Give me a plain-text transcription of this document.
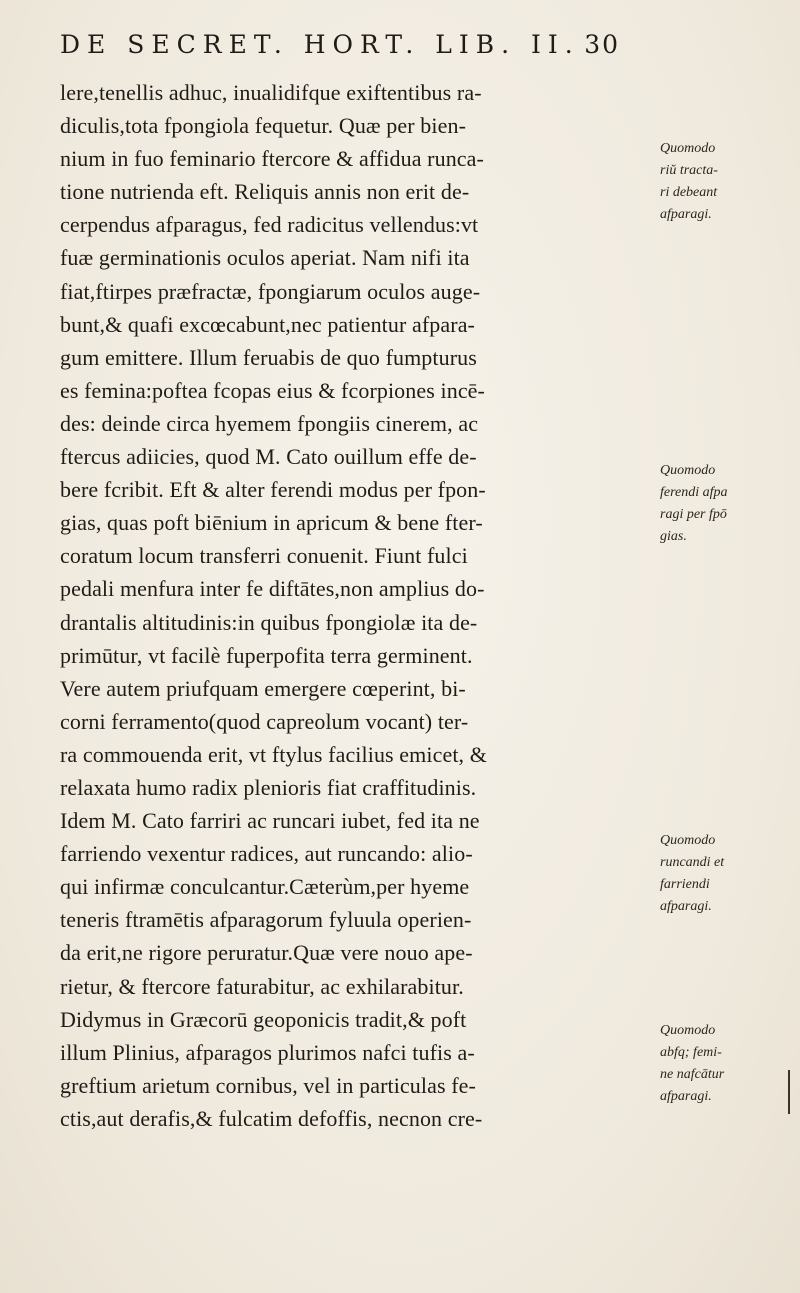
DE SECRET. HORT. LIB. II. 30
lere,tenellis adhuc, inualidifque exiftentibus ra-
diculis,tota fpongiola fequetur. Quæ per bien-
nium in fuo feminario ftercore & affidua runca-
tione nutrienda eft. Reliquis annis non erit de-
cerpendus afparagus, fed radicitus vellendus:vt
fuæ germinationis oculos aperiat. Nam nifi ita
fiat,ftirpes præfractæ, fpongiarum oculos auge-
bunt,& quafi excœcabunt,nec patientur afpara-
gum emittere. Illum feruabis de quo fumpturus
es femina:poftea fcopas eius & fcorpiones incē-
des: deinde circa hyemem fpongiis cinerem, ac
ftercus adiicies, quod M. Cato ouillum effe de-
bere fcribit. Eft & alter ferendi modus per fpon-
gias, quas poft biēnium in apricum & bene fter-
coratum locum transferri conuenit. Fiunt fulci
pedali menfura inter fe diftātes,non amplius do-
drantalis altitudinis:in quibus fpongiolæ ita de-
primūtur, vt facilè fuperpofita terra germinent.
Vere autem priufquam emergere cœperint, bi-
corni ferramento(quod capreolum vocant) ter-
ra commouenda erit, vt ftylus facilius emicet, &
relaxata humo radix plenioris fiat craffitudinis.
Idem M. Cato farriri ac runcari iubet, fed ita ne
farriendo vexentur radices, aut runcando: alio-
qui infirmæ conculcantur.Cæterùm,per hyeme
teneris ftramētis afparagorum fyluula operien-
da erit,ne rigore peruratur.Quæ vere nouo ape-
rietur, & ftercore faturabitur, ac exhilarabitur.
Didymus in Græcorū geoponicis tradit,& poft
illum Plinius, afparagos plurimos nafci tufis a-
greftium arietum cornibus, vel in particulas fe-
ctis,aut derafis,& fulcatim defoffis, necnon cre-
Quomodo
riŭ tracta-
ri debeant
afparagi.
Quomodo
ferendi afpa
ragi per fpō
gias.
Quomodo
runcandi et
farriendi
afparagi.
Quomodo
abfq; femi-
ne nafcātur
afparagi.
